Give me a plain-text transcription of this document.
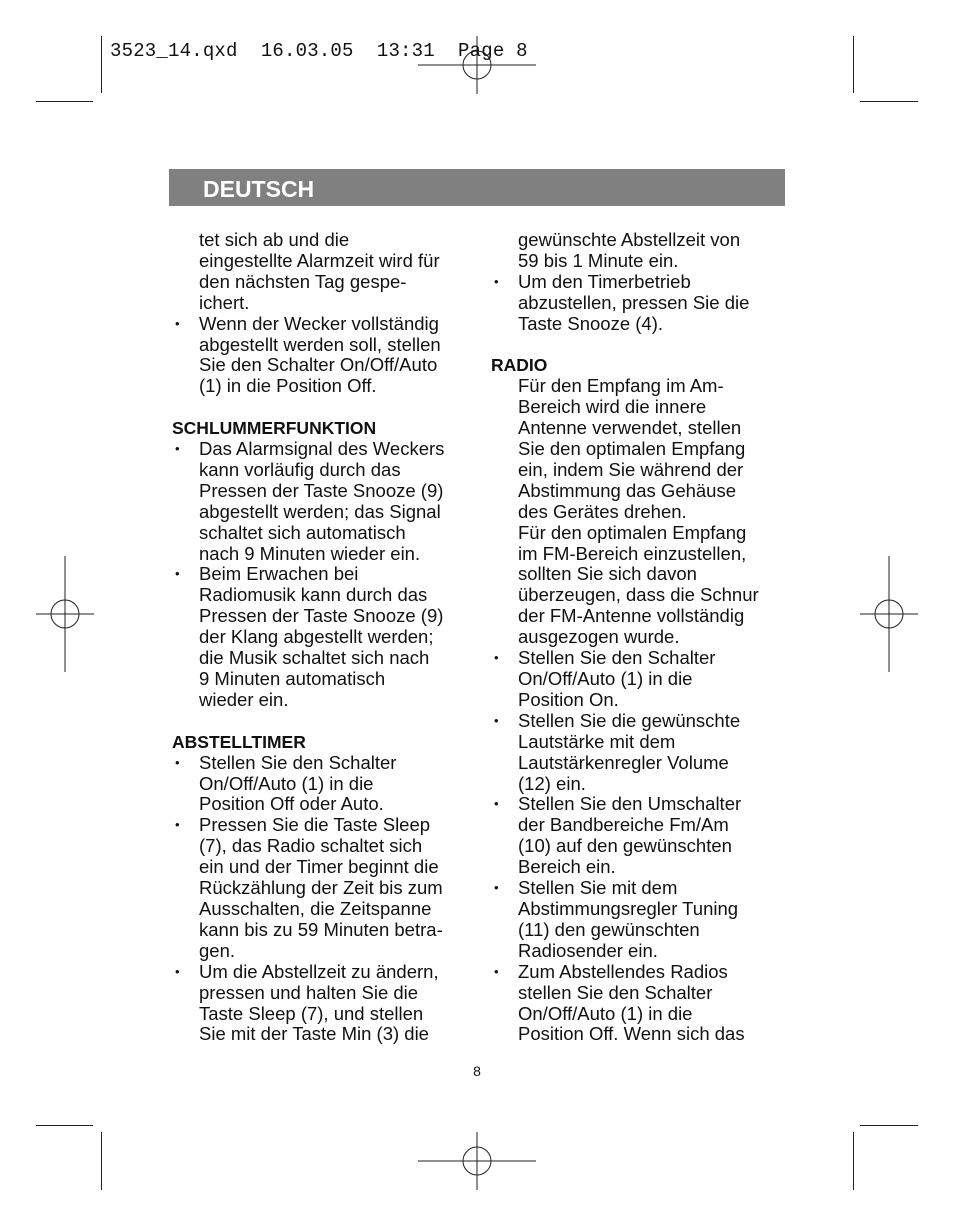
3523_14.qxd  16.03.05  13:31  Page 8
DEUTSCH
tet sich ab und die
eingestellte Alarmzeit wird für
den nächsten Tag gespe-
ichert.
• Wenn der Wecker vollständig
abgestellt werden soll, stellen
Sie den Schalter On/Off/Auto
(1) in die Position Off.
SCHLUMMERFUNKTION
• Das Alarmsignal des Weckers
kann vorläufig durch das
Pressen der Taste Snooze (9)
abgestellt werden; das Signal
schaltet sich automatisch
nach 9 Minuten wieder ein.
• Beim Erwachen bei
Radiomusik kann durch das
Pressen der Taste Snooze (9)
der Klang abgestellt werden;
die Musik schaltet sich nach
9 Minuten automatisch
wieder ein.
ABSTELLTIMER
• Stellen Sie den Schalter
On/Off/Auto (1) in die
Position Off oder Auto.
• Pressen Sie die Taste Sleep
(7), das Radio schaltet sich
ein und der Timer beginnt die
Rückzählung der Zeit bis zum
Ausschalten, die Zeitspanne
kann bis zu 59 Minuten betra-
gen.
• Um die Abstellzeit zu ändern,
pressen und halten Sie die
Taste Sleep (7), und stellen
Sie mit der Taste Min (3) die
gewünschte Abstellzeit von
59 bis 1 Minute ein.
• Um den Timerbetrieb
abzustellen, pressen Sie die
Taste Snooze (4).
RADIO
Für den Empfang im Am-
Bereich wird die innere
Antenne verwendet, stellen
Sie den optimalen Empfang
ein, indem Sie während der
Abstimmung das Gehäuse
des Gerätes drehen.
Für den optimalen Empfang
im FM-Bereich einzustellen,
sollten Sie sich davon
überzeugen, dass die Schnur
der FM-Antenne vollständig
ausgezogen wurde.
• Stellen Sie den Schalter
On/Off/Auto (1) in die
Position On.
• Stellen Sie die gewünschte
Lautstärke mit dem
Lautstärkenregler Volume
(12) ein.
• Stellen Sie den Umschalter
der Bandbereiche Fm/Am
(10) auf den gewünschten
Bereich ein.
• Stellen Sie mit dem
Abstimmungsregler Tuning
(11) den gewünschten
Radiosender ein.
• Zum Abstellendes Radios
stellen Sie den Schalter
On/Off/Auto (1) in die
Position Off. Wenn sich das
8
